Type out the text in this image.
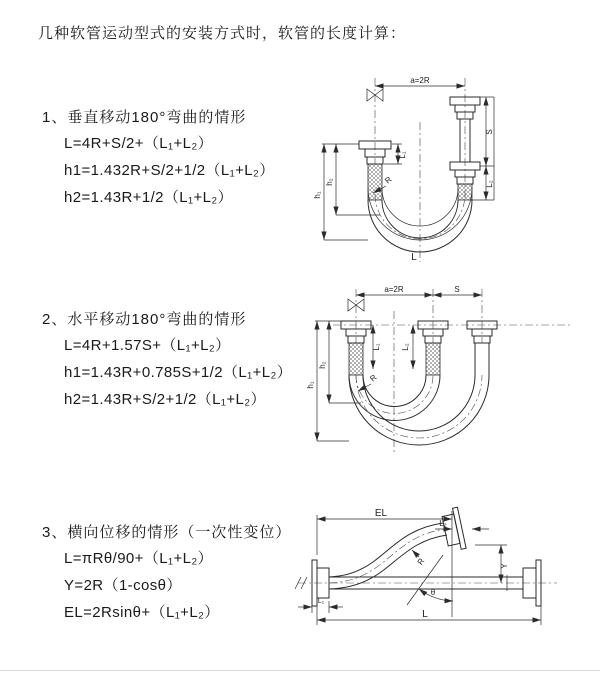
几种软管运动型式的安装方式时，软管的长度计算：
1、垂直移动180°弯曲的情形
L=4R+S/2+（L₁+L₂）
h1=1.432R+S/2+1/2（L₁+L₂）
h2=1.43R+1/2（L₁+L₂）
2、水平移动180°弯曲的情形
L=4R+1.57S+（L₁+L₂）
h1=1.43R+0.785S+1/2（L₁+L₂）
h2=1.43R+S/2+1/2（L₁+L₂）
3、横向位移的情形（一次性变位）
L=πRθ/90+（L₁+L₂）
Y=2R（1-cosθ）
EL=2Rsinθ+（L₁+L₂）
a=2R
h₁
h₂
L₁
S
L₂
R
L
a=2R	S
h₁
h₂
L₁	L₂
R
EL
L₂
Y
L
L₁
R
θ
